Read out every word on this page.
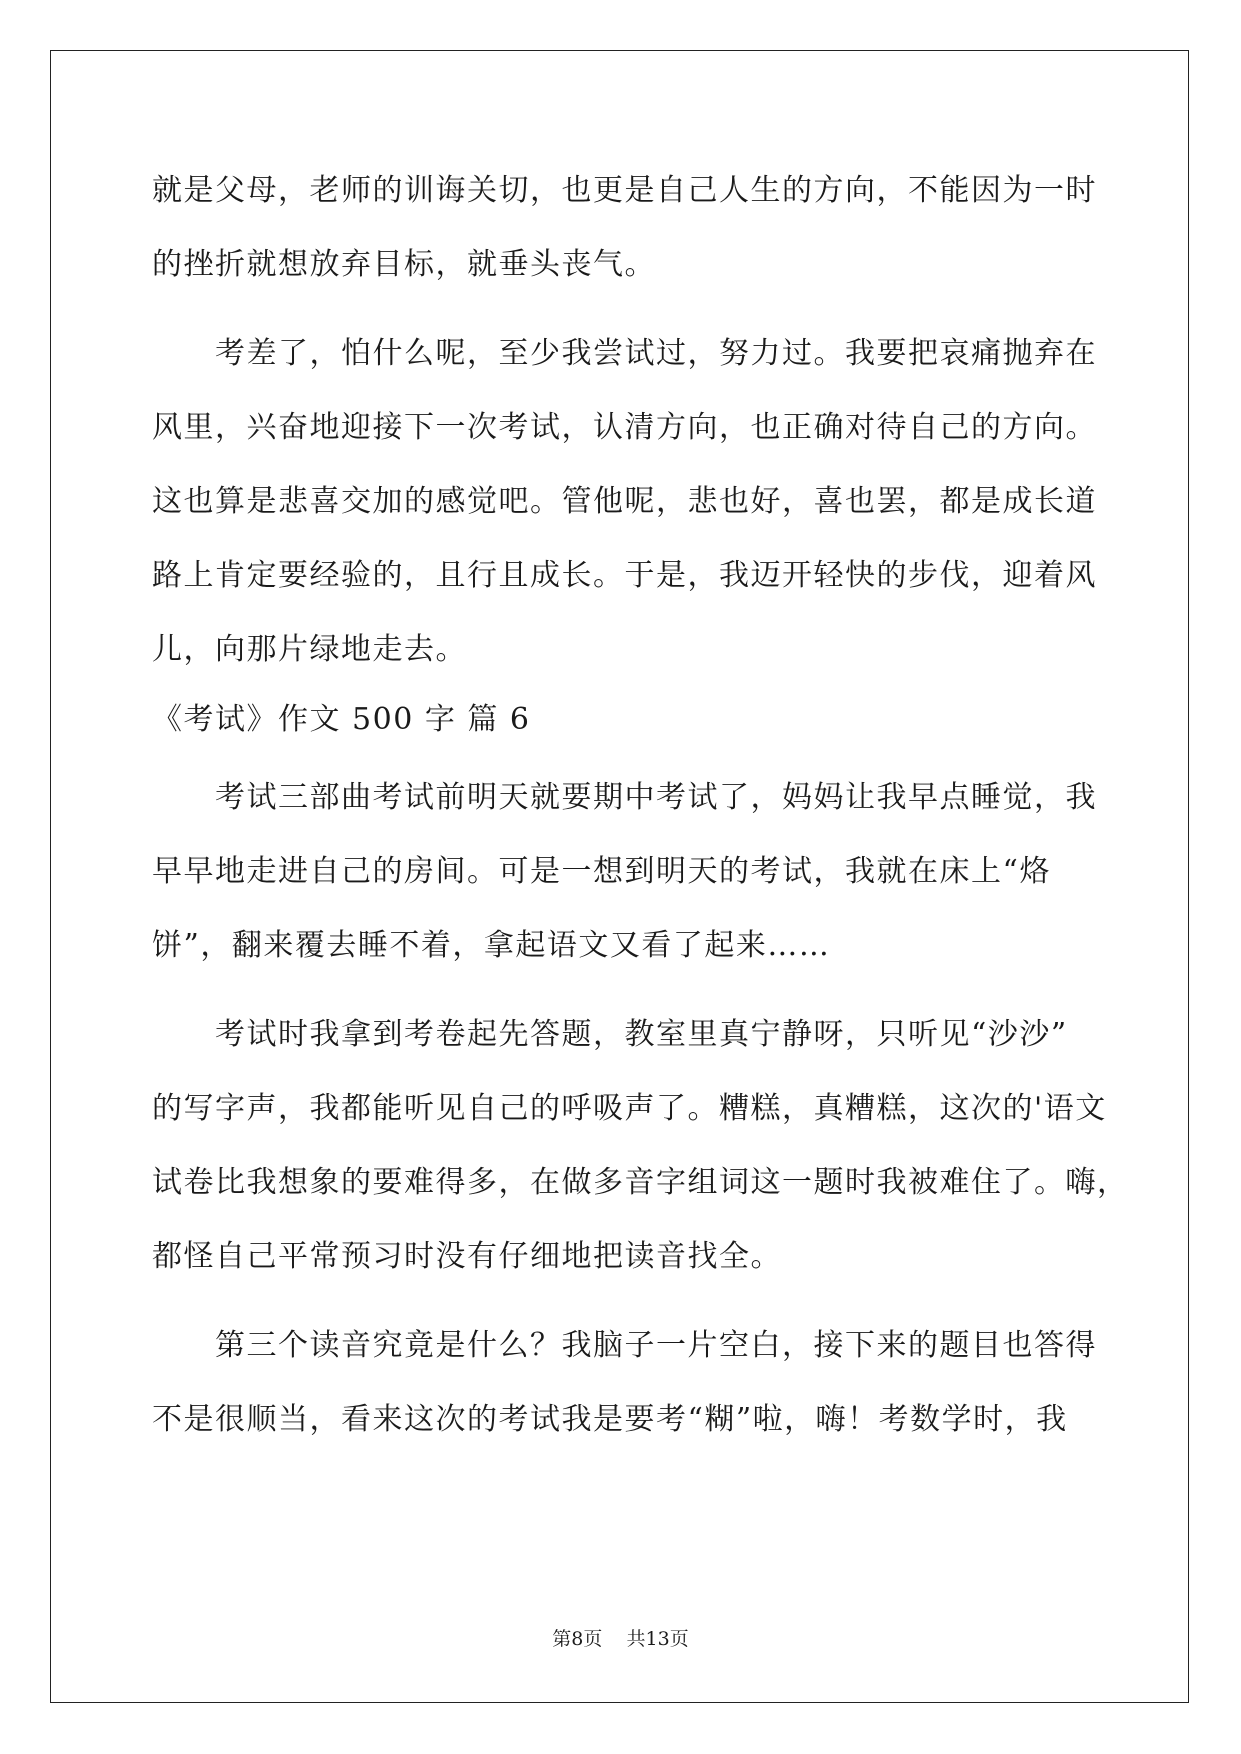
就是父母，老师的训诲关切，也更是自己人生的方向，不能因为一时
的挫折就想放弃目标，就垂头丧气。
　　考差了，怕什么呢，至少我尝试过，努力过。我要把哀痛抛弃在
风里，兴奋地迎接下一次考试，认清方向，也正确对待自己的方向。
这也算是悲喜交加的感觉吧。管他呢，悲也好，喜也罢，都是成长道
路上肯定要经验的，且行且成长。于是，我迈开轻快的步伐，迎着风
儿，向那片绿地走去。
《考试》作文 500 字 篇 6
　　考试三部曲考试前明天就要期中考试了，妈妈让我早点睡觉，我
早早地走进自己的房间。可是一想到明天的考试，我就在床上“烙
饼”，翻来覆去睡不着，拿起语文又看了起来……
　　考试时我拿到考卷起先答题，教室里真宁静呀，只听见“沙沙”
的写字声，我都能听见自己的呼吸声了。糟糕，真糟糕，这次的'语文
试卷比我想象的要难得多，在做多音字组词这一题时我被难住了。嗨，
都怪自己平常预习时没有仔细地把读音找全。
　　第三个读音究竟是什么？我脑子一片空白，接下来的题目也答得
不是很顺当，看来这次的考试我是要考“糊”啦，嗨！考数学时，我
第8页    共13页
